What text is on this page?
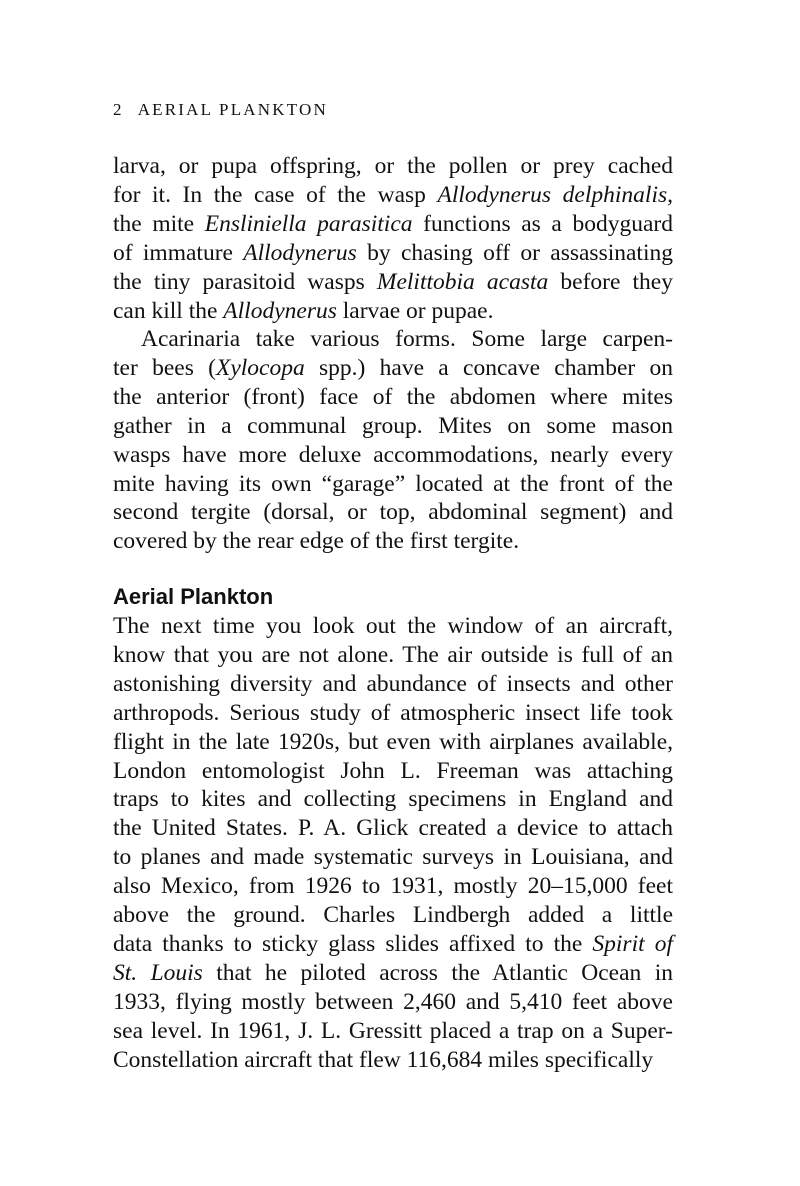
2 AERIAL PLANKTON
larva, or pupa offspring, or the pollen or prey cached
for it. In the case of the wasp Allodynerus delphinalis,
the mite Ensliniella parasitica functions as a bodyguard
of immature Allodynerus by chasing off or assassinating
the tiny parasitoid wasps Melittobia acasta before they
can kill the Allodynerus larvae or pupae.
Acarinaria take various forms. Some large carpen-
ter bees (Xylocopa spp.) have a concave chamber on
the anterior (front) face of the abdomen where mites
gather in a communal group. Mites on some mason
wasps have more deluxe accommodations, nearly every
mite having its own “garage” located at the front of the
second tergite (dorsal, or top, abdominal segment) and
covered by the rear edge of the first tergite.
Aerial Plankton
The next time you look out the window of an aircraft,
know that you are not alone. The air outside is full of an
astonishing diversity and abundance of insects and other
arthropods. Serious study of atmospheric insect life took
flight in the late 1920s, but even with airplanes available,
London entomologist John L. Freeman was attaching
traps to kites and collecting specimens in England and
the United States. P. A. Glick created a device to attach
to planes and made systematic surveys in Louisiana, and
also Mexico, from 1926 to 1931, mostly 20–15,000 feet
above the ground. Charles Lindbergh added a little
data thanks to sticky glass slides affixed to the Spirit of
St. Louis that he piloted across the Atlantic Ocean in
1933, flying mostly between 2,460 and 5,410 feet above
sea level. In 1961, J. L. Gressitt placed a trap on a Super-
Constellation aircraft that flew 116,684 miles specifically
